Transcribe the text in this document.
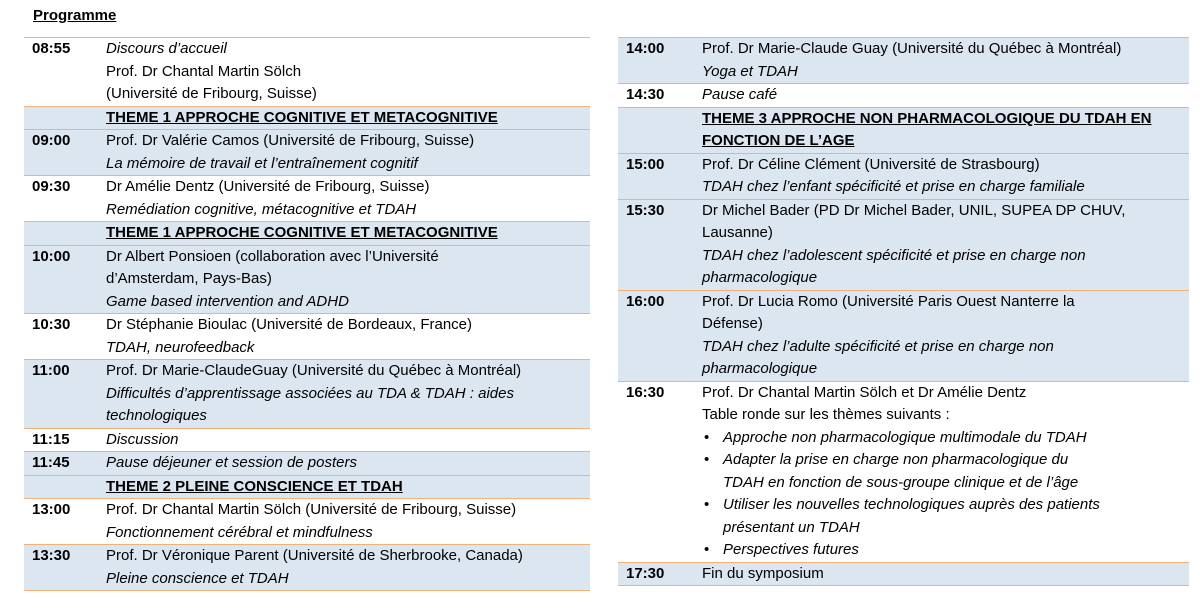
Programme
08:55	Discours d’accueil
Prof. Dr Chantal Martin Sölch
(Université de Fribourg, Suisse)
THEME 1 APPROCHE COGNITIVE ET METACOGNITIVE
09:00	Prof. Dr Valérie Camos (Université de Fribourg, Suisse)
La mémoire de travail et l’entraînement cognitif
09:30	Dr Amélie Dentz (Université de Fribourg, Suisse)
Remédiation cognitive, métacognitive et TDAH
THEME 1 APPROCHE COGNITIVE ET METACOGNITIVE
10:00	Dr Albert Ponsioen (collaboration avec l’Université
d’Amsterdam, Pays-Bas)
Game based intervention and ADHD
10:30	Dr Stéphanie Bioulac (Université de Bordeaux, France)
TDAH, neurofeedback
11:00	Prof. Dr Marie-ClaudeGuay (Université du Québec à Montréal)
Difficultés d’apprentissage associées au TDA & TDAH : aides
technologiques
11:15	Discussion
11:45	Pause déjeuner et session de posters
THEME 2 PLEINE CONSCIENCE ET TDAH
13:00	Prof. Dr Chantal Martin Sölch (Université de Fribourg, Suisse)
Fonctionnement cérébral et mindfulness
13:30	Prof. Dr Véronique Parent (Université de Sherbrooke, Canada)
Pleine conscience et TDAH
14:00	Prof. Dr Marie-Claude Guay (Université du Québec à Montréal)
Yoga et TDAH
14:30	Pause café
THEME 3 APPROCHE NON PHARMACOLOGIQUE DU TDAH EN FONCTION DE L’AGE
15:00	Prof. Dr Céline Clément (Université de Strasbourg)
TDAH chez l’enfant spécificité et prise en charge familiale
15:30	Dr Michel Bader (PD Dr Michel Bader, UNIL, SUPEA DP CHUV,
Lausanne)
TDAH chez l’adolescent spécificité et prise en charge non
pharmacologique
16:00	Prof. Dr Lucia Romo (Université Paris Ouest Nanterre la
Défense)
TDAH chez l’adulte spécificité et prise en charge non
pharmacologique
16:30	Prof. Dr Chantal Martin Sölch et Dr Amélie Dentz
Table ronde sur les thèmes suivants :
• Approche non pharmacologique multimodale du TDAH
• Adapter la prise en charge non pharmacologique du
TDAH en fonction de sous-groupe clinique et de l’âge
• Utiliser les nouvelles technologiques auprès des patients
présentant un TDAH
• Perspectives futures
17:30	Fin du symposium
